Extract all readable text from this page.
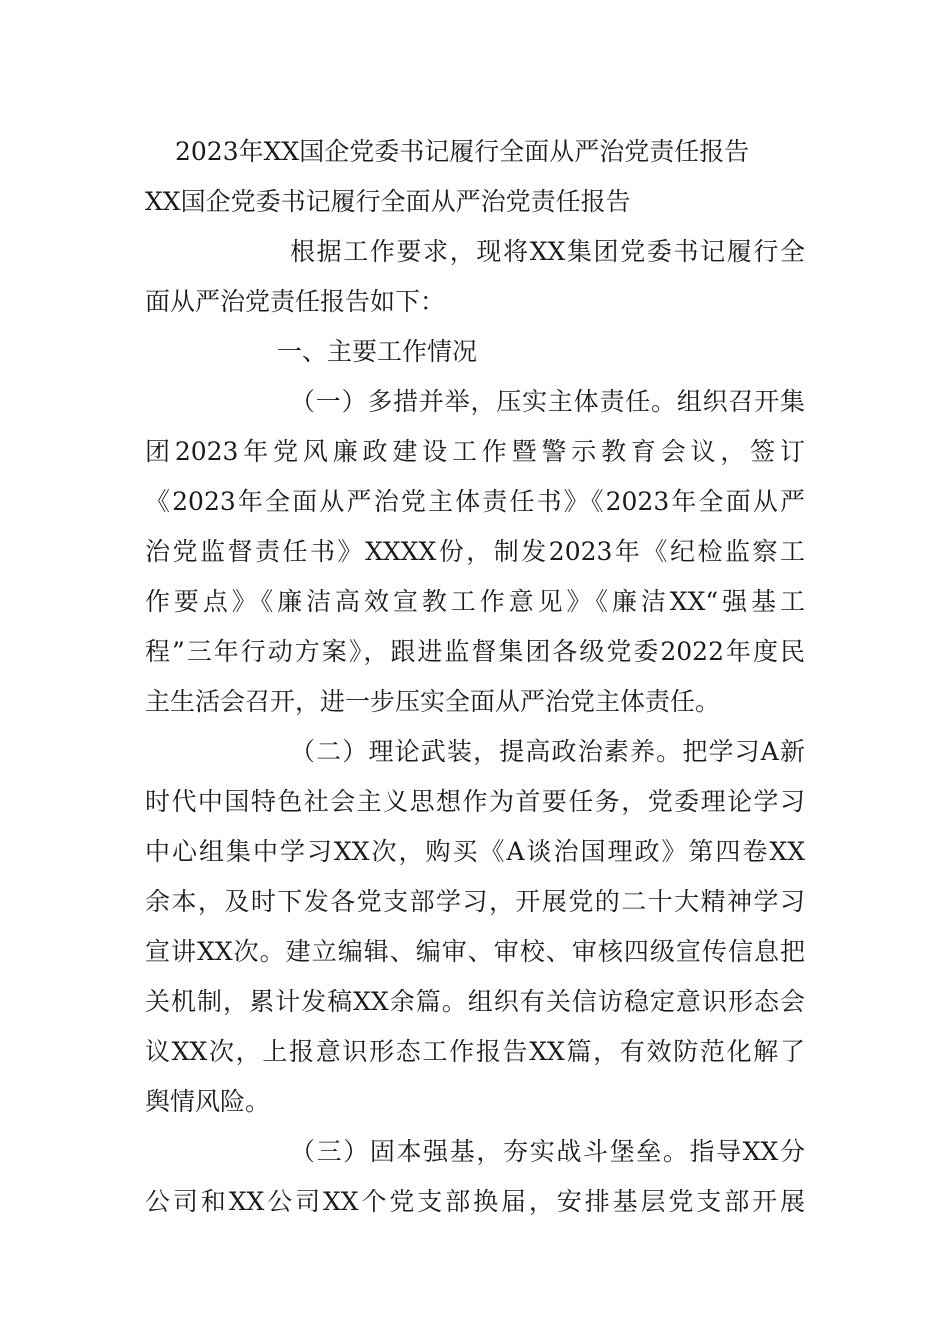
2023年XX国企党委书记履行全面从严治党责任报告
XX国企党委书记履行全面从严治党责任报告
根据工作要求，现将XX集团党委书记履行全
面从严治党责任报告如下：
一、主要工作情况
（一）多措并举，压实主体责任。组织召开集
团2023年党风廉政建设工作暨警示教育会议，签订
《2023年全面从严治党主体责任书》《2023年全面从严
治党监督责任书》XXXX份，制发2023年《纪检监察工
作要点》《廉洁高效宣教工作意见》《廉洁XX“强基工
程”三年行动方案》，跟进监督集团各级党委2022年度民
主生活会召开，进一步压实全面从严治党主体责任。
（二）理论武装，提高政治素养。把学习A新
时代中国特色社会主义思想作为首要任务，党委理论学习
中心组集中学习XX次，购买《A谈治国理政》第四卷XX
余本，及时下发各党支部学习，开展党的二十大精神学习
宣讲XX次。建立编辑、编审、审校、审核四级宣传信息把
关机制，累计发稿XX余篇。组织有关信访稳定意识形态会
议XX次，上报意识形态工作报告XX篇，有效防范化解了
舆情风险。
（三）固本强基，夯实战斗堡垒。指导XX分
公司和XX公司XX个党支部换届，安排基层党支部开展
